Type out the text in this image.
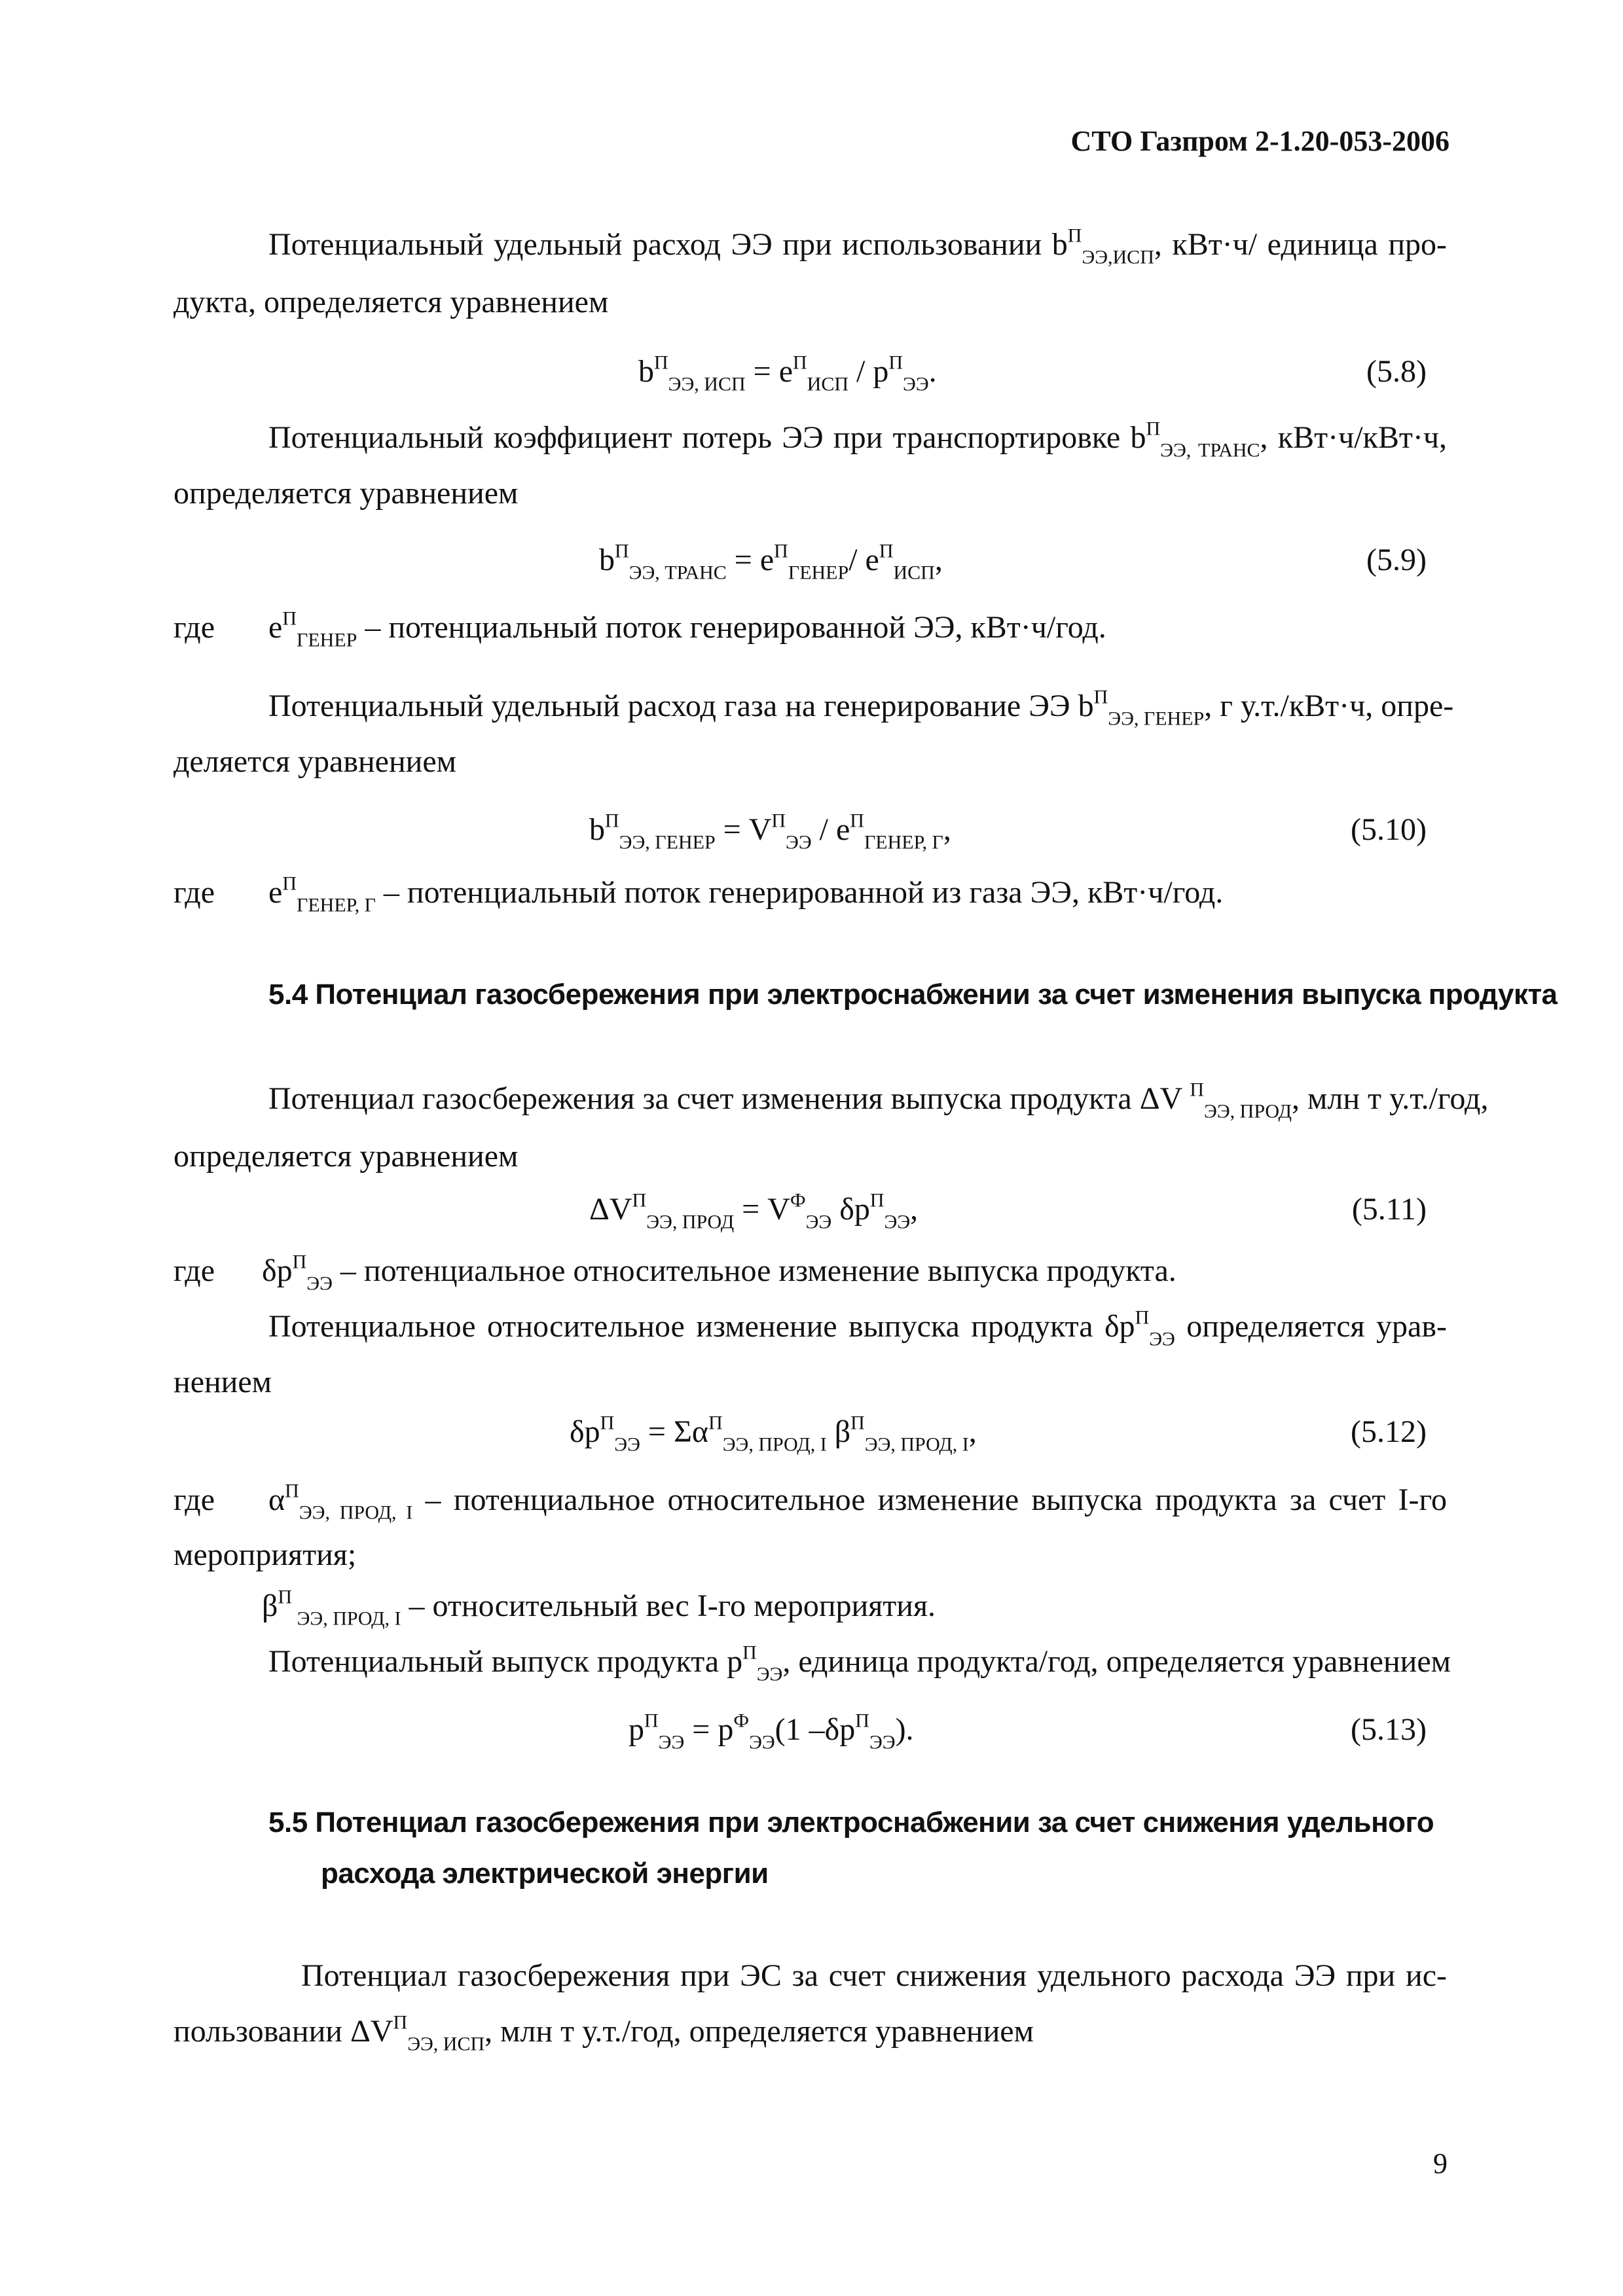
СТО Газпром 2-1.20-053-2006
Потенциальный удельный расход ЭЭ при использовании $b^П_{ЭЭ,ИСП}$, кВт·ч/ единица про-
дукта, определяется уравнением
$b^П_{ЭЭ, ИСП} = e^П_{ИСП} / p^П_{ЭЭ}$.	(5.8)
Потенциальный коэффициент потерь ЭЭ при транспортировке $b^П_{ЭЭ, ТРАНС}$, кВт·ч/кВт·ч,
определяется уравнением
$b^П_{ЭЭ, ТРАНС} = e^П_{ГЕНЕР}/$ $e^П_{ИСП}$,	(5.9)
где $e^П_{ГЕНЕР}$ – потенциальный поток генерированной ЭЭ, кВт·ч/год.
Потенциальный удельный расход газа на генерирование ЭЭ $b^П_{ЭЭ, ГЕНЕР}$, г у.т./кВт·ч, опре-
деляется уравнением
$b^П_{ЭЭ, ГЕНЕР} = V^П_{ЭЭ} / e^П_{ГЕНЕР, Г}$,	(5.10)
где $e^П_{ГЕНЕР, Г}$ – потенциальный поток генерированной из газа ЭЭ, кВт·ч/год.
5.4 Потенциал газосбережения при электроснабжении за счет изменения выпуска продукта
Потенциал газосбережения за счет изменения выпуска продукта ΔV $^П_{ЭЭ, ПРОД}$, млн т у.т./год,
определяется уравнением
$\Delta V^П_{ЭЭ, ПРОД} = V^Ф_{ЭЭ}$ $\delta p^П_{ЭЭ}$,	(5.11)
где $\delta p^П_{ЭЭ}$ – потенциальное относительное изменение выпуска продукта.
Потенциальное относительное изменение выпуска продукта $\delta p^П_{ЭЭ}$ определяется урав-
нением
$\delta p^П_{ЭЭ} = \Sigma\alpha^П_{ЭЭ, ПРОД, I}$ $\beta^П_{ЭЭ, ПРОД, I}$,	(5.12)
где $\alpha^П_{ЭЭ, ПРОД, I}$ – потенциальное относительное изменение выпуска продукта за счет I-го
мероприятия;
$\beta^П$ $_{ЭЭ, ПРОД, I}$ – относительный вес I-го мероприятия.
Потенциальный выпуск продукта $p^П_{ЭЭ}$, единица продукта/год, определяется уравнением
$p^П_{ЭЭ} = p^Ф_{ЭЭ}(1$ $-\delta p^П_{ЭЭ}$).	(5.13)
5.5 Потенциал газосбережения при электроснабжении за счет снижения удельного
расхода электрической энергии
Потенциал газосбережения при ЭС за счет снижения удельного расхода ЭЭ при ис-
пользовании $\Delta V^П_{ЭЭ, ИСП}$, млн т у.т./год, определяется уравнением
9
